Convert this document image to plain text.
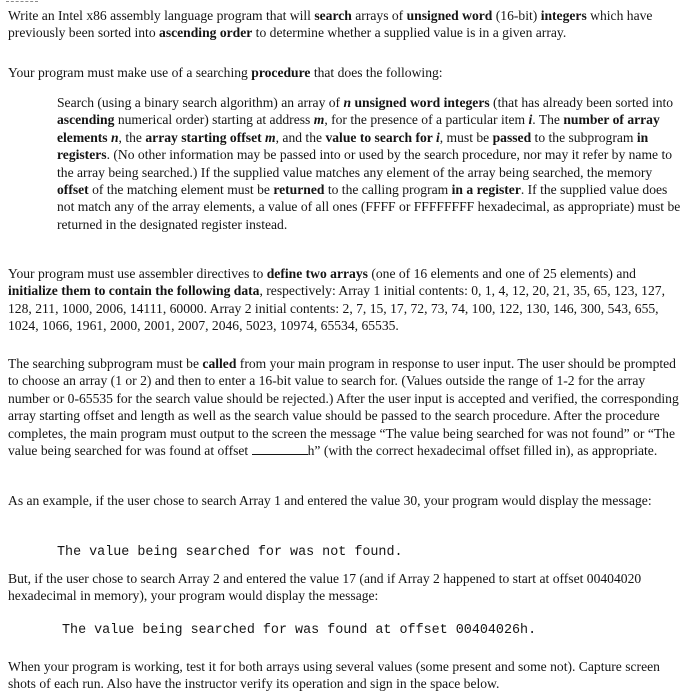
Write an Intel x86 assembly language program that will search arrays of unsigned word (16-bit) integers which have previously been sorted into ascending order to determine whether a supplied value is in a given array.

Your program must make use of a searching procedure that does the following:

Search (using a binary search algorithm) an array of n unsigned word integers (that has already been sorted into ascending numerical order) starting at address m, for the presence of a particular item i. The number of array elements n, the array starting offset m, and the value to search for i, must be passed to the subprogram in registers. (No other information may be passed into or used by the search procedure, nor may it refer by name to the array being searched.) If the supplied value matches any element of the array being searched, the memory offset of the matching element must be returned to the calling program in a register. If the supplied value does not match any of the array elements, a value of all ones (FFFF or FFFFFFFF hexadecimal, as appropriate) must be returned in the designated register instead.

Your program must use assembler directives to define two arrays (one of 16 elements and one of 25 elements) and initialize them to contain the following data, respectively: Array 1 initial contents: 0, 1, 4, 12, 20, 21, 35, 65, 123, 127, 128, 211, 1000, 2006, 14111, 60000. Array 2 initial contents: 2, 7, 15, 17, 72, 73, 74, 100, 122, 130, 146, 300, 543, 655, 1024, 1066, 1961, 2000, 2001, 2007, 2046, 5023, 10974, 65534, 65535.

The searching subprogram must be called from your main program in response to user input. The user should be prompted to choose an array (1 or 2) and then to enter a 16-bit value to search for. (Values outside the range of 1-2 for the array number or 0-65535 for the search value should be rejected.) After the user input is accepted and verified, the corresponding array starting offset and length as well as the search value should be passed to the search procedure. After the procedure completes, the main program must output to the screen the message “The value being searched for was not found” or “The value being searched for was found at offset	h” (with the correct hexadecimal offset filled in), as appropriate.

As an example, if the user chose to search Array 1 and entered the value 30, your program would display the message:

The value being searched for was not found.

But, if the user chose to search Array 2 and entered the value 17 (and if Array 2 happened to start at offset 00404020 hexadecimal in memory), your program would display the message:

The value being searched for was found at offset 00404026h.

When your program is working, test it for both arrays using several values (some present and some not). Capture screen shots of each run. Also have the instructor verify its operation and sign in the space below.
